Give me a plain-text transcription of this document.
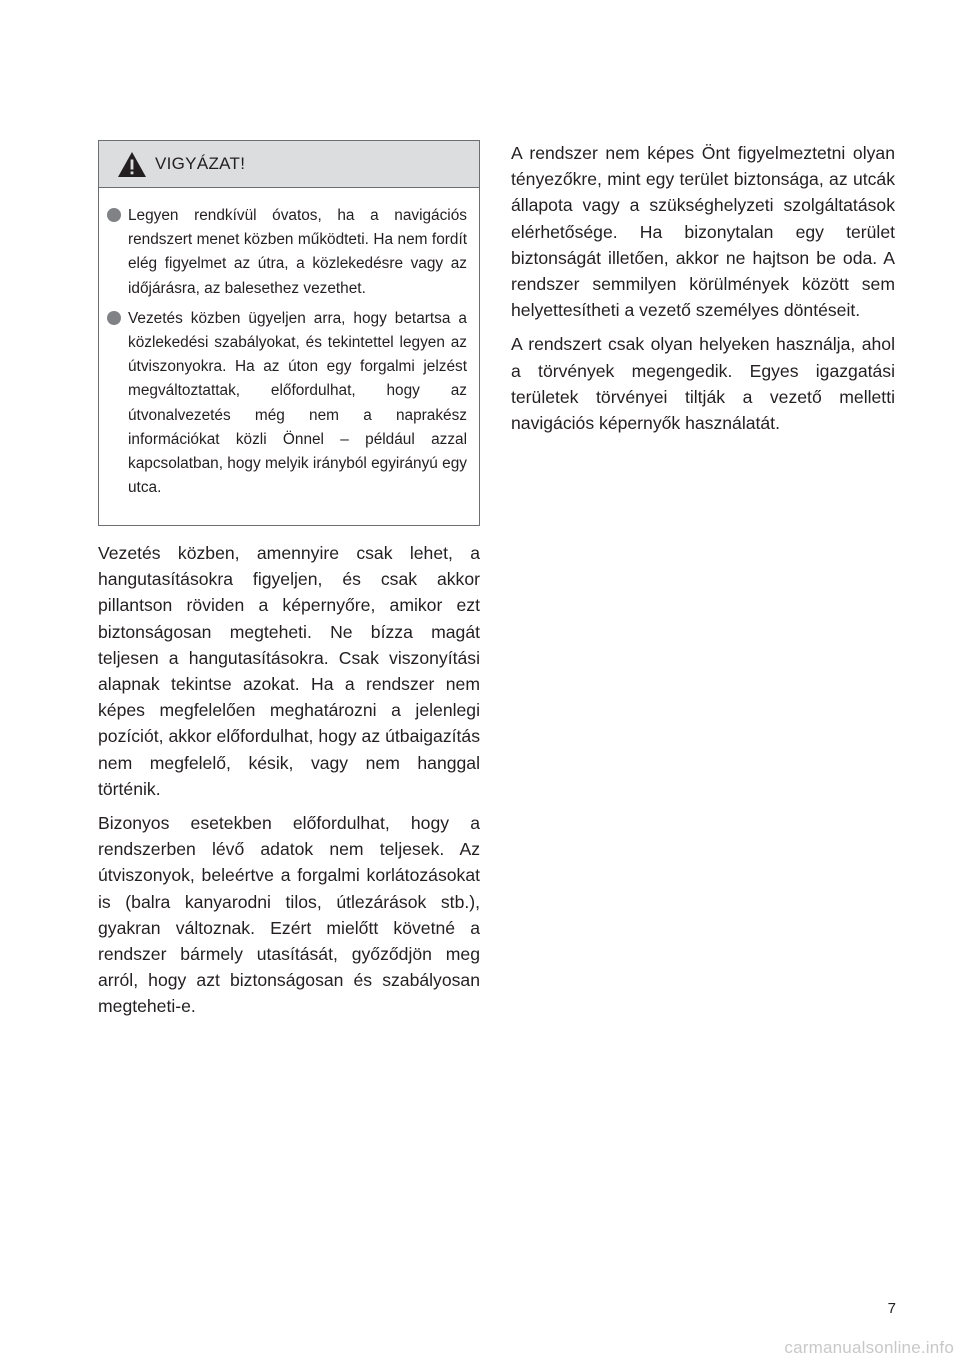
VIGYÁZAT!
Legyen rendkívül óvatos, ha a navigációs rendszert menet közben működteti. Ha nem fordít elég figyelmet az útra, a közlekedésre vagy az időjárásra, az balesethez vezethet.
Vezetés közben ügyeljen arra, hogy betartsa a közlekedési szabályokat, és tekintettel legyen az útviszonyokra. Ha az úton egy forgalmi jelzést megváltoztattak, előfordulhat, hogy az útvonalvezetés még nem a naprakész információkat közli Önnel – például azzal kapcsolatban, hogy melyik irányból egyirányú egy utca.

Vezetés közben, amennyire csak lehet, a hangutasításokra figyeljen, és csak akkor pillantson röviden a képernyőre, amikor ezt biztonságosan megteheti. Ne bízza magát teljesen a hangutasításokra. Csak viszonyítási alapnak tekintse azokat. Ha a rendszer nem képes megfelelően meghatározni a jelenlegi pozíciót, akkor előfordulhat, hogy az útbaigazítás nem megfelelő, késik, vagy nem hanggal történik.

Bizonyos esetekben előfordulhat, hogy a rendszerben lévő adatok nem teljesek. Az útviszonyok, beleértve a forgalmi korlátozásokat is (balra kanyarodni tilos, útlezárások stb.), gyakran változnak. Ezért mielőtt követné a rendszer bármely utasítását, győződjön meg arról, hogy azt biztonságosan és szabályosan megteheti-e.

A rendszer nem képes Önt figyelmeztetni olyan tényezőkre, mint egy terület biztonsága, az utcák állapota vagy a szükséghelyzeti szolgáltatások elérhetősége. Ha bizonytalan egy terület biztonságát illetően, akkor ne hajtson be oda. A rendszer semmilyen körülmények között sem helyettesítheti a vezető személyes döntéseit.

A rendszert csak olyan helyeken használja, ahol a törvények megengedik. Egyes igazgatási területek törvényei tiltják a vezető melletti navigációs képernyők használatát.

7
carmanualsonline.info
